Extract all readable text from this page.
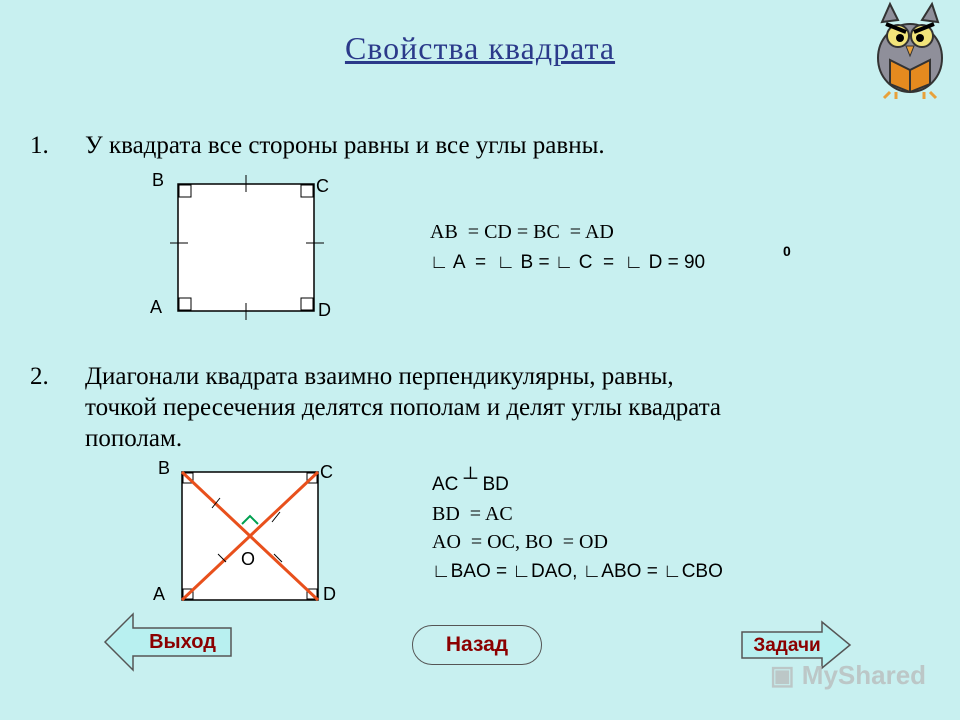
Свойства квадрата
1. У квадрата все стороны равны и все углы равны.
B	C
A	D
AB  = CD = BC  = AD
∟ A  =  ∟ B = ∟ C  =  ∟ D = 90
0
2. Диагонали квадрата взаимно перпендикулярны, равны,
точкой пересечения делятся пополам и делят углы квадрата
пополам.
B	C
A	D
O
AC ┴ BD
BD  = AC
AO  = OC, BO  = OD
∟BAO = ∟DAO, ∟ABO = ∟CBO
Выход	Назад	Задачи
▣ MyShared
